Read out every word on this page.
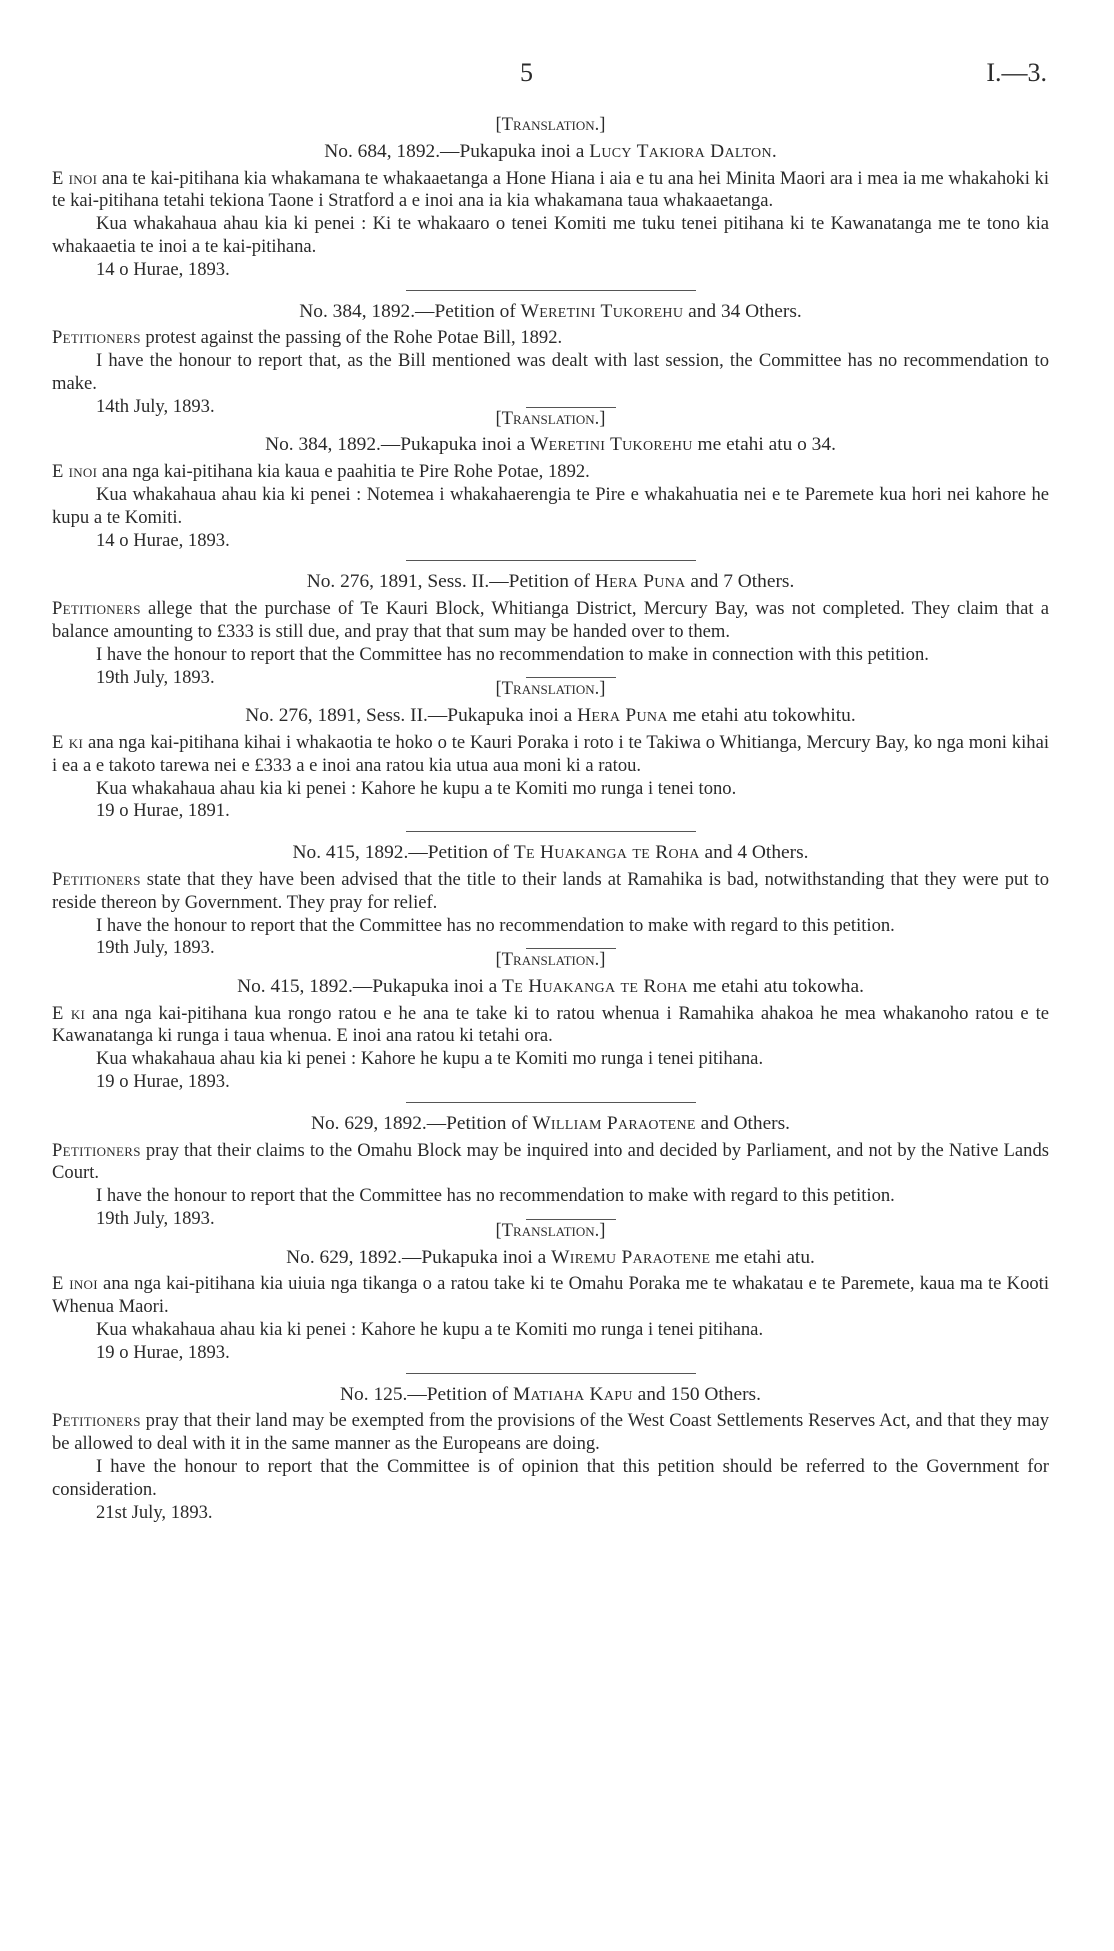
5	I.—3.

[Translation.]

No. 684, 1892.—Pukapuka inoi a Lucy Takiora Dalton.

E inoi ana te kai-pitihana kia whakamana te whakaaetanga a Hone Hiana i aia e tu ana hei Minita Maori ara i mea ia me whakahoki ki te kai-pitihana tetahi tekiona Taone i Stratford a e inoi ana ia kia whakamana taua whakaaetanga.

Kua whakahaua ahau kia ki penei : Ki te whakaaro o tenei Komiti me tuku tenei pitihana ki te Kawanatanga me te tono kia whakaaetia te inoi a te kai-pitihana.

14 o Hurae, 1893.

No. 384, 1892.—Petition of Weretini Tukorehu and 34 Others.

Petitioners protest against the passing of the Rohe Potae Bill, 1892.

I have the honour to report that, as the Bill mentioned was dealt with last session, the Committee has no recommendation to make.

14th July, 1893.

[Translation.]

No. 384, 1892.—Pukapuka inoi a Weretini Tukorehu me etahi atu o 34.

E inoi ana nga kai-pitihana kia kaua e paahitia te Pire Rohe Potae, 1892.

Kua whakahaua ahau kia ki penei : Notemea i whakahaerengia te Pire e whakahuatia nei e te Paremete kua hori nei kahore he kupu a te Komiti.

14 o Hurae, 1893.

No. 276, 1891, Sess. II.—Petition of Hera Puna and 7 Others.

Petitioners allege that the purchase of Te Kauri Block, Whitianga District, Mercury Bay, was not completed. They claim that a balance amounting to £333 is still due, and pray that that sum may be handed over to them.

I have the honour to report that the Committee has no recommendation to make in connection with this petition.

19th July, 1893.

[Translation.]

No. 276, 1891, Sess. II.—Pukapuka inoi a Hera Puna me etahi atu tokowhitu.

E ki ana nga kai-pitihana kihai i whakaotia te hoko o te Kauri Poraka i roto i te Takiwa o Whitianga, Mercury Bay, ko nga moni kihai i ea a e takoto tarewa nei e £333 a e inoi ana ratou kia utua aua moni ki a ratou.

Kua whakahaua ahau kia ki penei : Kahore he kupu a te Komiti mo runga i tenei tono.

19 o Hurae, 1891.

No. 415, 1892.—Petition of Te Huakanga te Roha and 4 Others.

Petitioners state that they have been advised that the title to their lands at Ramahika is bad, notwithstanding that they were put to reside thereon by Government. They pray for relief.

I have the honour to report that the Committee has no recommendation to make with regard to this petition.

19th July, 1893.

[Translation.]

No. 415, 1892.—Pukapuka inoi a Te Huakanga te Roha me etahi atu tokowha.

E ki ana nga kai-pitihana kua rongo ratou e he ana te take ki to ratou whenua i Ramahika ahakoa he mea whakanoho ratou e te Kawanatanga ki runga i taua whenua. E inoi ana ratou ki tetahi ora.

Kua whakahaua ahau kia ki penei : Kahore he kupu a te Komiti mo runga i tenei pitihana.

19 o Hurae, 1893.

No. 629, 1892.—Petition of William Paraotene and Others.

Petitioners pray that their claims to the Omahu Block may be inquired into and decided by Parliament, and not by the Native Lands Court.

I have the honour to report that the Committee has no recommendation to make with regard to this petition.

19th July, 1893.

[Translation.]

No. 629, 1892.—Pukapuka inoi a Wiremu Paraotene me etahi atu.

E inoi ana nga kai-pitihana kia uiuia nga tikanga o a ratou take ki te Omahu Poraka me te whakatau e te Paremete, kaua ma te Kooti Whenua Maori.

Kua whakahaua ahau kia ki penei : Kahore he kupu a te Komiti mo runga i tenei pitihana.

19 o Hurae, 1893.

No. 125.—Petition of Matiaha Kapu and 150 Others.

Petitioners pray that their land may be exempted from the provisions of the West Coast Settlements Reserves Act, and that they may be allowed to deal with it in the same manner as the Europeans are doing.

I have the honour to report that the Committee is of opinion that this petition should be referred to the Government for consideration.

21st July, 1893.
